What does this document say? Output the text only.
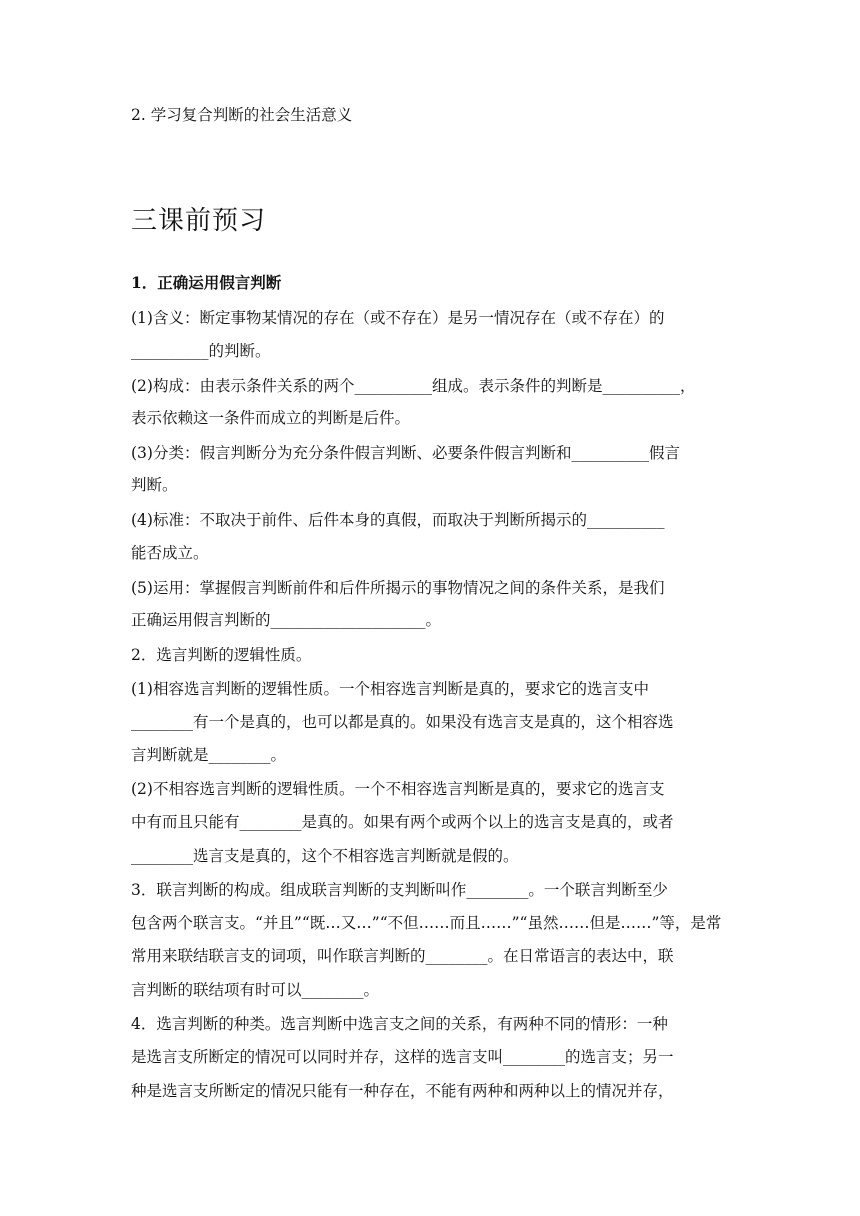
2. 学习复合判断的社会生活意义
三课前预习
1．正确运用假言判断
(1)含义：断定事物某情况的存在（或不存在）是另一情况存在（或不存在）的
__________的判断。
(2)构成：由表示条件关系的两个__________组成。表示条件的判断是__________，
表示依赖这一条件而成立的判断是后件。
(3)分类：假言判断分为充分条件假言判断、必要条件假言判断和__________假言
判断。
(4)标准：不取决于前件、后件本身的真假，而取决于判断所揭示的__________
能否成立。
(5)运用：掌握假言判断前件和后件所揭示的事物情况之间的条件关系，是我们
正确运用假言判断的____________________。
2．选言判断的逻辑性质。
(1)相容选言判断的逻辑性质。一个相容选言判断是真的，要求它的选言支中
________有一个是真的，也可以都是真的。如果没有选言支是真的，这个相容选
言判断就是________。
(2)不相容选言判断的逻辑性质。一个不相容选言判断是真的，要求它的选言支
中有而且只能有________是真的。如果有两个或两个以上的选言支是真的，或者
________选言支是真的，这个不相容选言判断就是假的。
3．联言判断的构成。组成联言判断的支判断叫作________。一个联言判断至少
包含两个联言支。“并且”“既…又…”“不但……而且……”“虽然……但是……”等，是常
常用来联结联言支的词项，叫作联言判断的________。在日常语言的表达中，联
言判断的联结项有时可以________。
4．选言判断的种类。选言判断中选言支之间的关系，有两种不同的情形：一种
是选言支所断定的情况可以同时并存，这样的选言支叫________的选言支；另一
种是选言支所断定的情况只能有一种存在，不能有两种和两种以上的情况并存，
